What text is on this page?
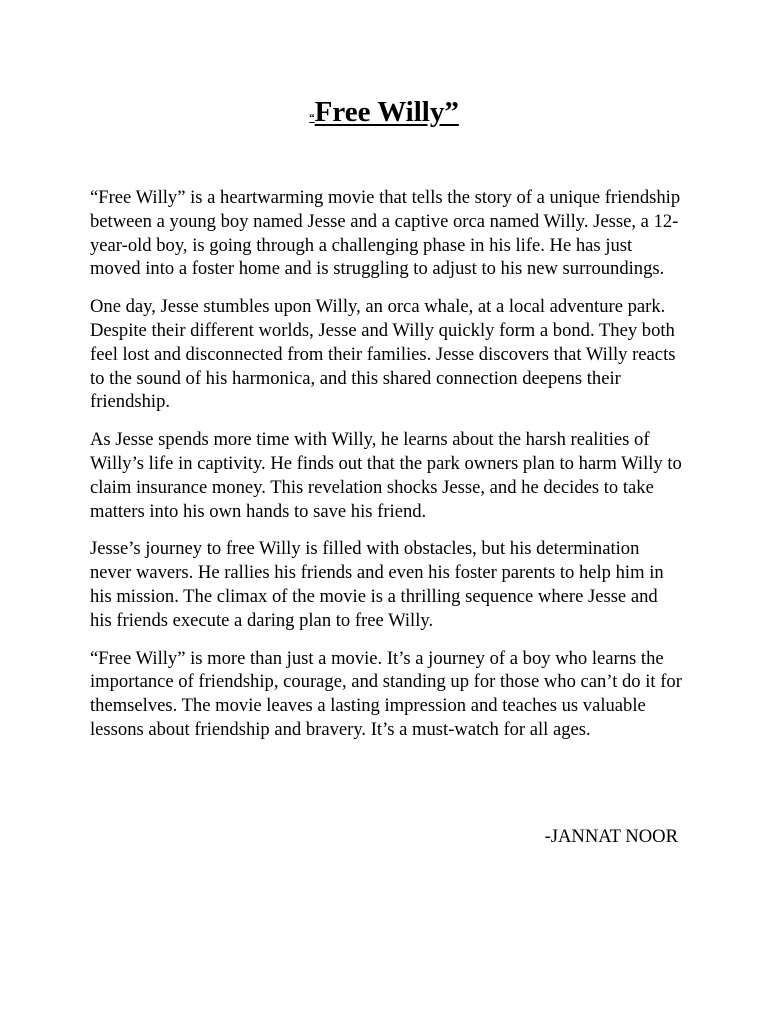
“Free Willy”

“Free Willy” is a heartwarming movie that tells the story of a unique friendship between a young boy named Jesse and a captive orca named Willy. Jesse, a 12-year-old boy, is going through a challenging phase in his life. He has just moved into a foster home and is struggling to adjust to his new surroundings.

One day, Jesse stumbles upon Willy, an orca whale, at a local adventure park. Despite their different worlds, Jesse and Willy quickly form a bond. They both feel lost and disconnected from their families. Jesse discovers that Willy reacts to the sound of his harmonica, and this shared connection deepens their friendship.

As Jesse spends more time with Willy, he learns about the harsh realities of Willy’s life in captivity. He finds out that the park owners plan to harm Willy to claim insurance money. This revelation shocks Jesse, and he decides to take matters into his own hands to save his friend.

Jesse’s journey to free Willy is filled with obstacles, but his determination never wavers. He rallies his friends and even his foster parents to help him in his mission. The climax of the movie is a thrilling sequence where Jesse and his friends execute a daring plan to free Willy.

“Free Willy” is more than just a movie. It’s a journey of a boy who learns the importance of friendship, courage, and standing up for those who can’t do it for themselves. The movie leaves a lasting impression and teaches us valuable lessons about friendship and bravery. It’s a must-watch for all ages.

-JANNAT NOOR
